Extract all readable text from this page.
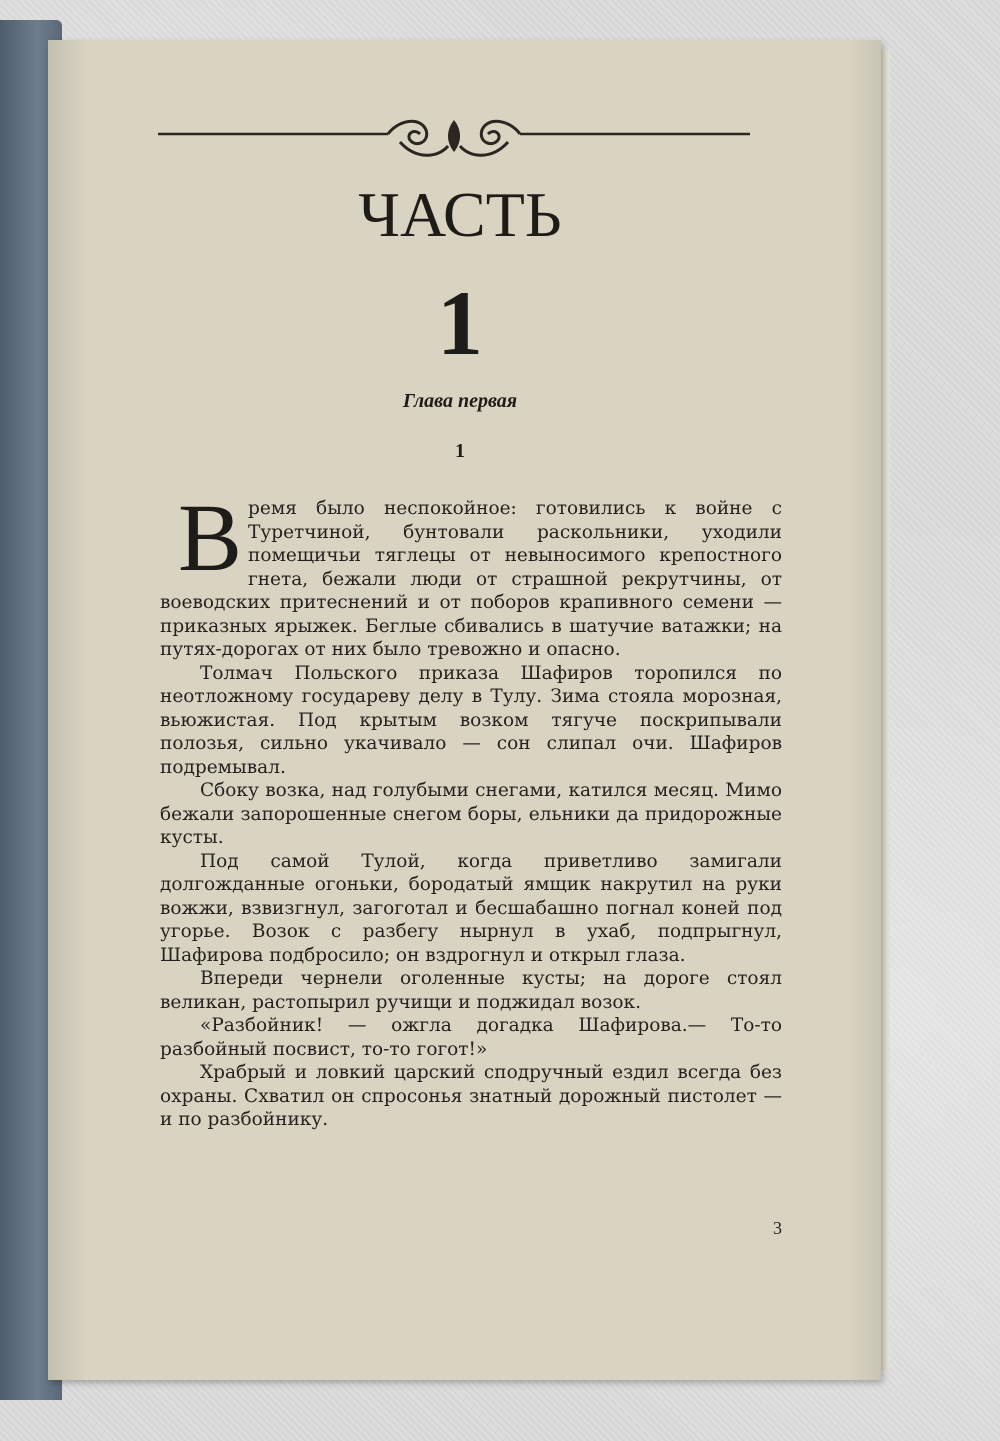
ЧАСТЬ
1
Глава первая
1

Время было неспокойное: готовились к войне с Туретчиной, бунтовали раскольники, уходили помещичьи тяглецы от невыносимого крепостного гнета, бежали люди от страшной рекрутчины, от воеводских притеснений и от поборов крапивного семени — приказных ярыжек. Беглые сбивались в шатучие ватажки; на путях-дорогах от них было тревожно и опасно.

Толмач Польского приказа Шафиров торопился по неотложному государеву делу в Тулу. Зима стояла морозная, вьюжистая. Под крытым возком тягуче поскрипывали полозья, сильно укачивало — сон слипал очи. Шафиров подремывал.

Сбоку возка, над голубыми снегами, катился месяц. Мимо бежали запорошенные снегом боры, ельники да придорожные кусты.

Под самой Тулой, когда приветливо замигали долгожданные огоньки, бородатый ямщик накрутил на руки вожжи, взвизгнул, загоготал и бесшабашно погнал коней под угорье. Возок с разбегу нырнул в ухаб, подпрыгнул, Шафирова подбросило; он вздрогнул и открыл глаза.

Впереди чернели оголенные кусты; на дороге стоял великан, растопырил ручищи и поджидал возок.

«Разбойник! — ожгла догадка Шафирова.— То-то разбойный посвист, то-то гогот!»

Храбрый и ловкий царский сподручный ездил всегда без охраны. Схватил он спросонья знатный дорожный пистолет — и по разбойнику.

3
